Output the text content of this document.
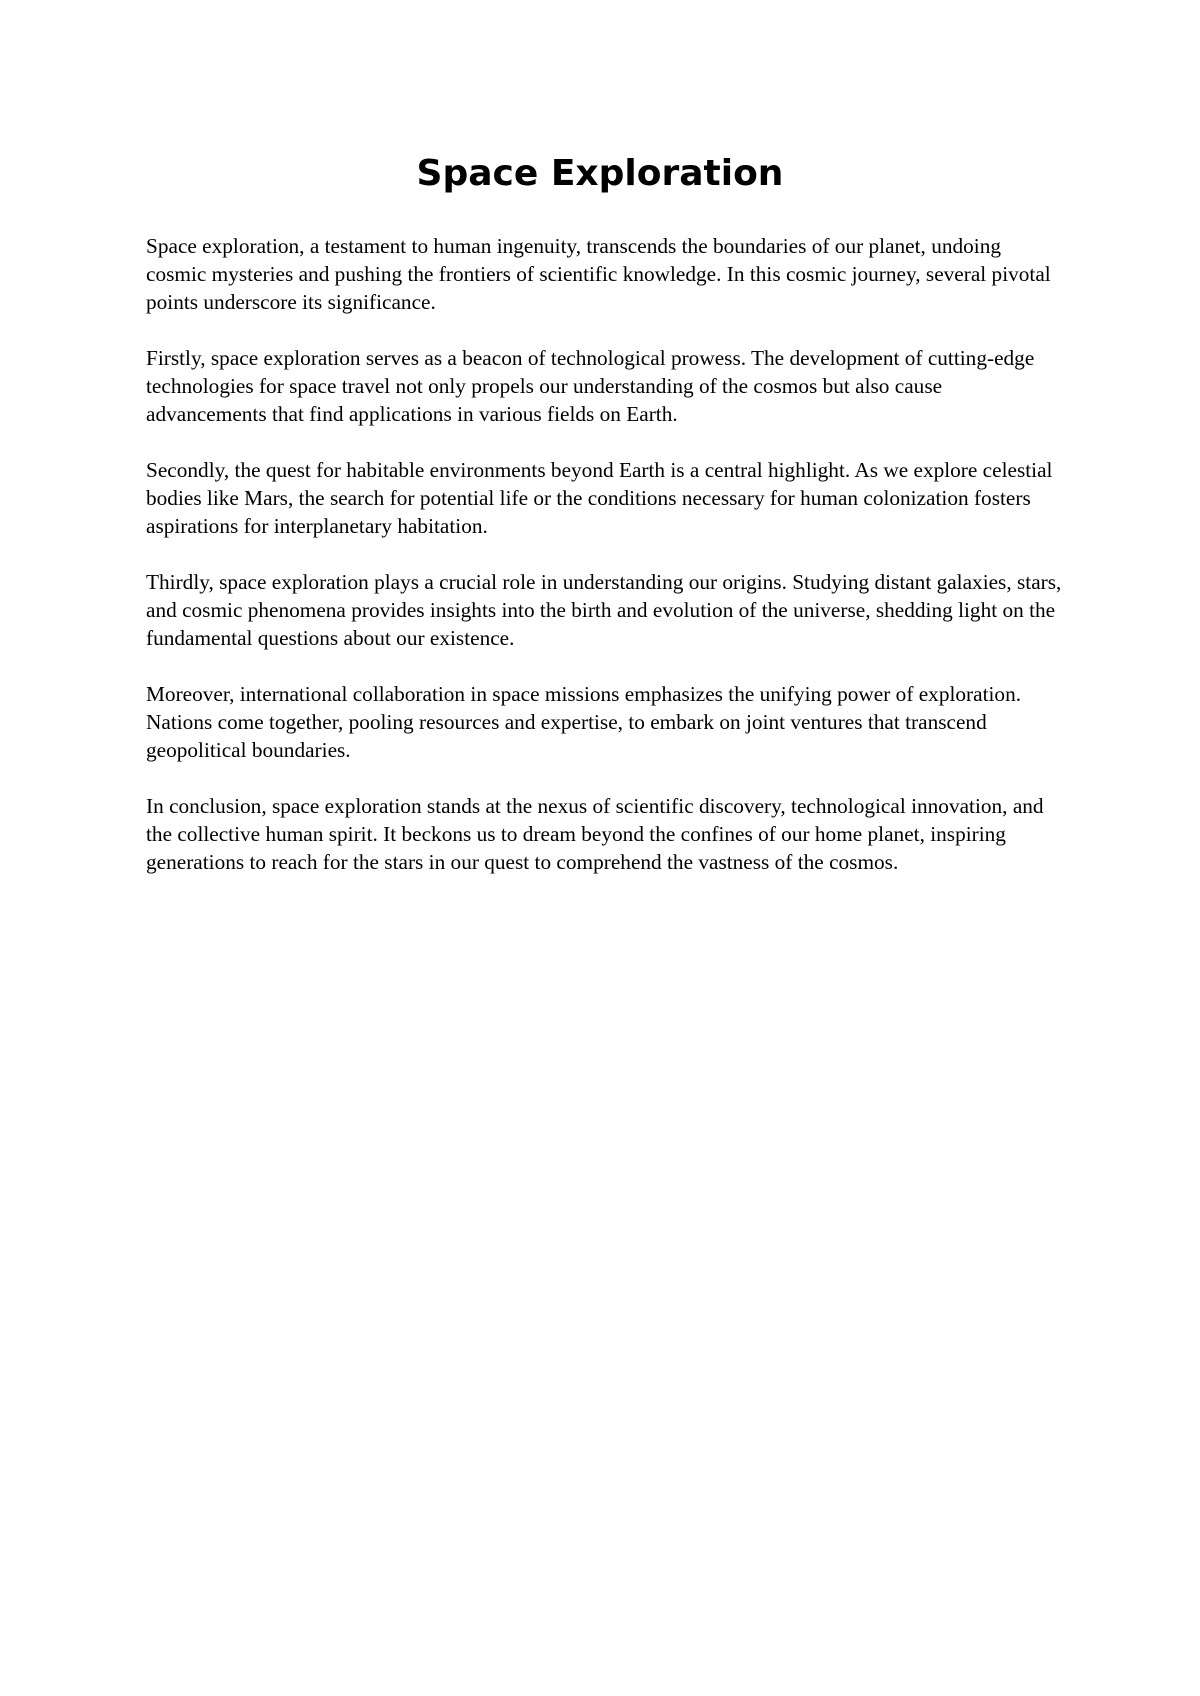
Space Exploration

Space exploration, a testament to human ingenuity, transcends the boundaries of our planet, undoing cosmic mysteries and pushing the frontiers of scientific knowledge. In this cosmic journey, several pivotal points underscore its significance.

Firstly, space exploration serves as a beacon of technological prowess. The development of cutting-edge technologies for space travel not only propels our understanding of the cosmos but also cause advancements that find applications in various fields on Earth.

Secondly, the quest for habitable environments beyond Earth is a central highlight. As we explore celestial bodies like Mars, the search for potential life or the conditions necessary for human colonization fosters aspirations for interplanetary habitation.

Thirdly, space exploration plays a crucial role in understanding our origins. Studying distant galaxies, stars, and cosmic phenomena provides insights into the birth and evolution of the universe, shedding light on the fundamental questions about our existence.

Moreover, international collaboration in space missions emphasizes the unifying power of exploration. Nations come together, pooling resources and expertise, to embark on joint ventures that transcend geopolitical boundaries.

In conclusion, space exploration stands at the nexus of scientific discovery, technological innovation, and the collective human spirit. It beckons us to dream beyond the confines of our home planet, inspiring generations to reach for the stars in our quest to comprehend the vastness of the cosmos.
